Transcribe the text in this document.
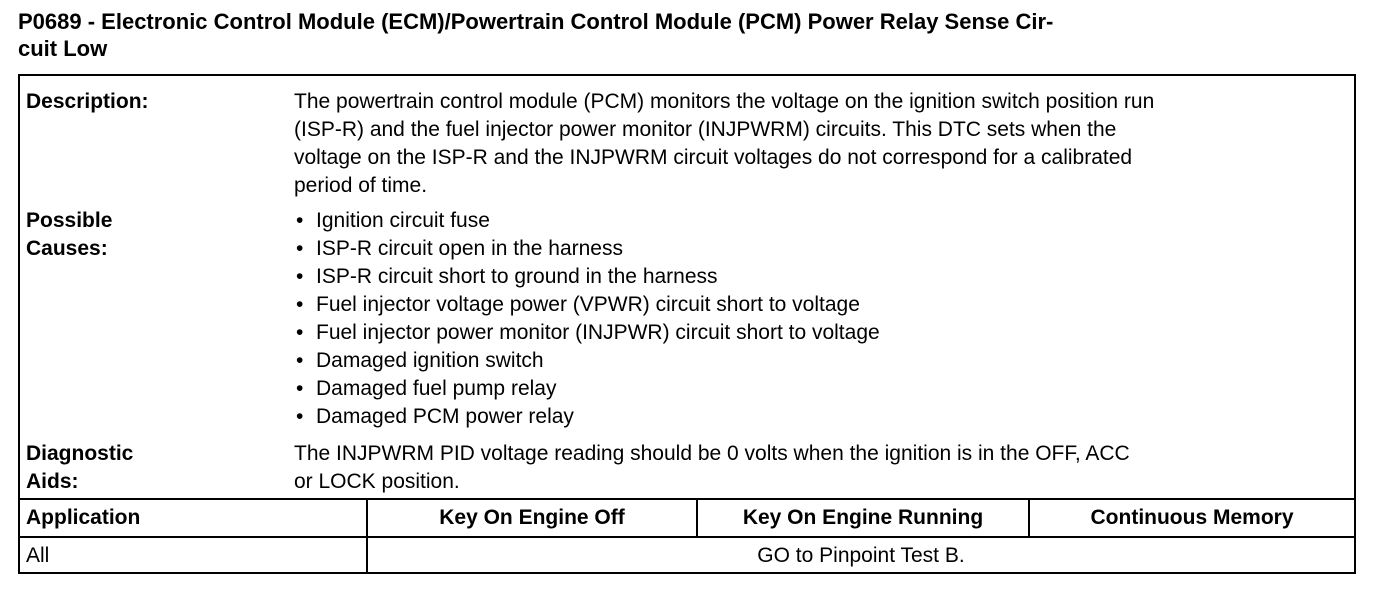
P0689 - Electronic Control Module (ECM)/Powertrain Control Module (PCM) Power Relay Sense Cir-
cuit Low
Description:	The powertrain control module (PCM) monitors the voltage on the ignition switch position run
(ISP-R) and the fuel injector power monitor (INJPWRM) circuits. This DTC sets when the
voltage on the ISP-R and the INJPWRM circuit voltages do not correspond for a calibrated
period of time.
Possible Causes:
• Ignition circuit fuse
• ISP-R circuit open in the harness
• ISP-R circuit short to ground in the harness
• Fuel injector voltage power (VPWR) circuit short to voltage
• Fuel injector power monitor (INJPWR) circuit short to voltage
• Damaged ignition switch
• Damaged fuel pump relay
• Damaged PCM power relay
Diagnostic Aids:
The INJPWRM PID voltage reading should be 0 volts when the ignition is in the OFF, ACC
or LOCK position.
Application	Key On Engine Off	Key On Engine Running	Continuous Memory
All	GO to Pinpoint Test B.
